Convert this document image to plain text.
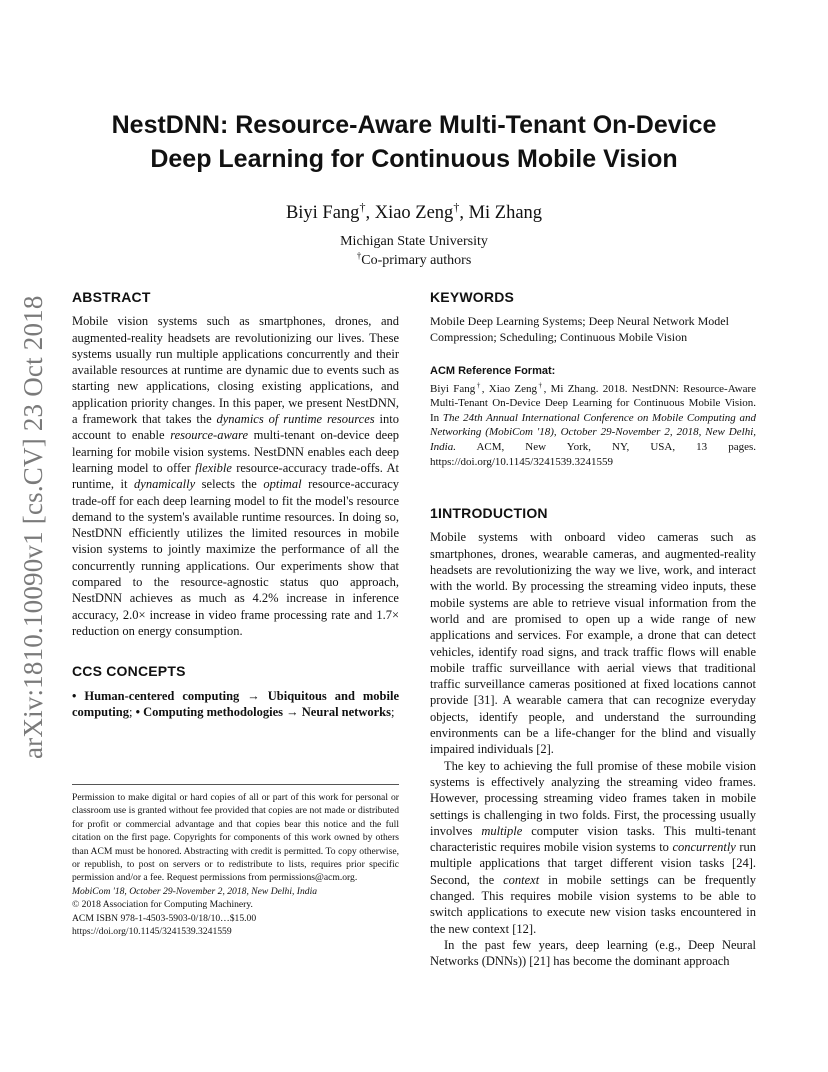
NestDNN: Resource-Aware Multi-Tenant On-Device
Deep Learning for Continuous Mobile Vision
Biyi Fang†, Xiao Zeng†, Mi Zhang
Michigan State University
†Co-primary authors
arXiv:1810.10090v1 [cs.CV] 23 Oct 2018 ABSTRACT

Mobile vision systems such as smartphones, drones, and augmented-reality headsets are revolutionizing our lives. These systems usually run multiple applications concurrently and their available resources at runtime are dynamic due to events such as starting new applications, closing existing applications, and application priority changes. In this paper, we present NestDNN, a framework that takes the dynamics of runtime resources into account to enable resource-aware multi-tenant on-device deep learning for mobile vision systems. NestDNN enables each deep learning model to offer flexible resource-accuracy trade-offs. At runtime, it dynamically selects the optimal resource-accuracy trade-off for each deep learning model to fit the model's resource demand to the system's available runtime resources. In doing so, NestDNN efficiently utilizes the limited resources in mobile vision systems to jointly maximize the performance of all the concurrently running applications. Our experiments show that compared to the resource-agnostic status quo approach, NestDNN achieves as much as 4.2% increase in inference accuracy, 2.0× increase in video frame processing rate and 1.7× reduction on energy consumption.

CCS CONCEPTS

• Human-centered computing → Ubiquitous and mobile computing; • Computing methodologies → Neural networks;

Permission to make digital or hard copies of all or part of this work for personal or classroom use is granted without fee provided that copies are not made or distributed for profit or commercial advantage and that copies bear this notice and the full citation on the first page. Copyrights for components of this work owned by others than ACM must be honored. Abstracting with credit is permitted. To copy otherwise, or republish, to post on servers or to redistribute to lists, requires prior specific permission and/or a fee. Request permissions from permissions@acm.org.
MobiCom '18, October 29-November 2, 2018, New Delhi, India
© 2018 Association for Computing Machinery.
ACM ISBN 978-1-4503-5903-0/18/10…$15.00
https://doi.org/10.1145/3241539.3241559
KEYWORDS

Mobile Deep Learning Systems; Deep Neural Network Model Compression; Scheduling; Continuous Mobile Vision

ACM Reference Format:

Biyi Fang†, Xiao Zeng†, Mi Zhang. 2018. NestDNN: Resource-Aware Multi-Tenant On-Device Deep Learning for Continuous Mobile Vision. In The 24th Annual International Conference on Mobile Computing and Networking (MobiCom '18), October 29-November 2, 2018, New Delhi, India. ACM, New York, NY, USA, 13 pages. https://doi.org/10.1145/3241539.3241559

1INTRODUCTION

Mobile systems with onboard video cameras such as smartphones, drones, wearable cameras, and augmented-reality headsets are revolutionizing the way we live, work, and interact with the world. By processing the streaming video inputs, these mobile systems are able to retrieve visual information from the world and are promised to open up a wide range of new applications and services. For example, a drone that can detect vehicles, identify road signs, and track traffic flows will enable mobile traffic surveillance with aerial views that traditional traffic surveillance cameras positioned at fixed locations cannot provide [31]. A wearable camera that can recognize everyday objects, identify people, and understand the surrounding environments can be a life-changer for the blind and visually impaired individuals [2].

The key to achieving the full promise of these mobile vision systems is effectively analyzing the streaming video frames. However, processing streaming video frames taken in mobile settings is challenging in two folds. First, the processing usually involves multiple computer vision tasks. This multi-tenant characteristic requires mobile vision systems to concurrently run multiple applications that target different vision tasks [24]. Second, the context in mobile settings can be frequently changed. This requires mobile vision systems to be able to switch applications to execute new vision tasks encountered in the new context [12].

In the past few years, deep learning (e.g., Deep Neural Networks (DNNs)) [21] has become the dominant approach
